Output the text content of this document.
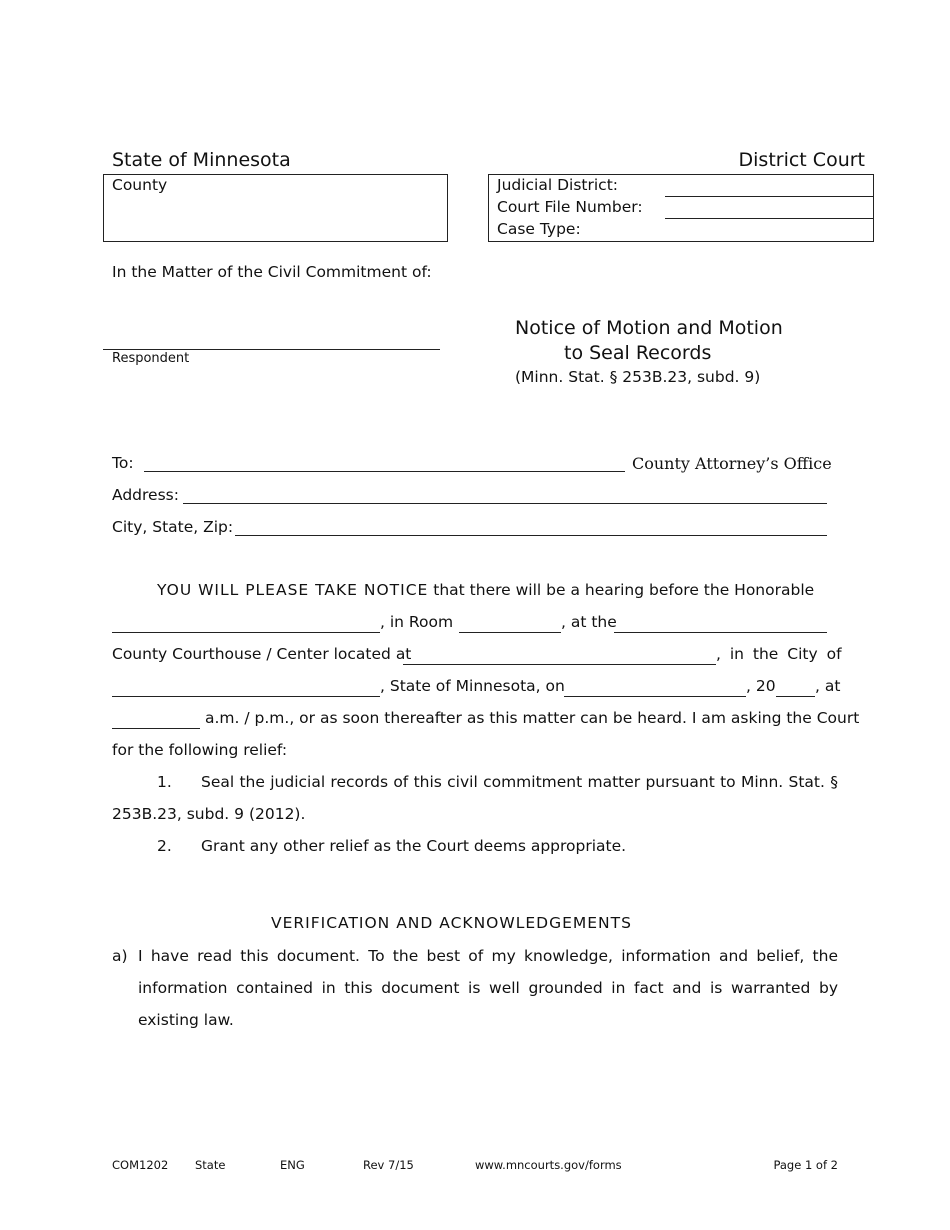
State of Minnesota	District Court
County	Judicial District:
Court File Number:
Case Type:
In the Matter of the Civil Commitment of:
Respondent
Notice of Motion and Motion
to Seal Records
(Minn. Stat. § 253B.23, subd. 9)
To:	County Attorney’s Office
Address:
City, State, Zip:
YOU WILL PLEASE TAKE NOTICE that there will be a hearing before the Honorable
, in Room	, at the
County Courthouse / Center located at	, in the City of
, State of Minnesota, on	, 20	, at
a.m. / p.m., or as soon thereafter as this matter can be heard. I am asking the Court
for the following relief:
1. Seal the judicial records of this civil commitment matter pursuant to Minn. Stat. §
253B.23, subd. 9 (2012).
2. Grant any other relief as the Court deems appropriate.
VERIFICATION AND ACKNOWLEDGEMENTS
a) I have read this document. To the best of my knowledge, information and belief, the information contained in this document is well grounded in fact and is warranted by existing law.
COM1202 State	ENG	Rev 7/15	www.mncourts.gov/forms	Page 1 of 2
